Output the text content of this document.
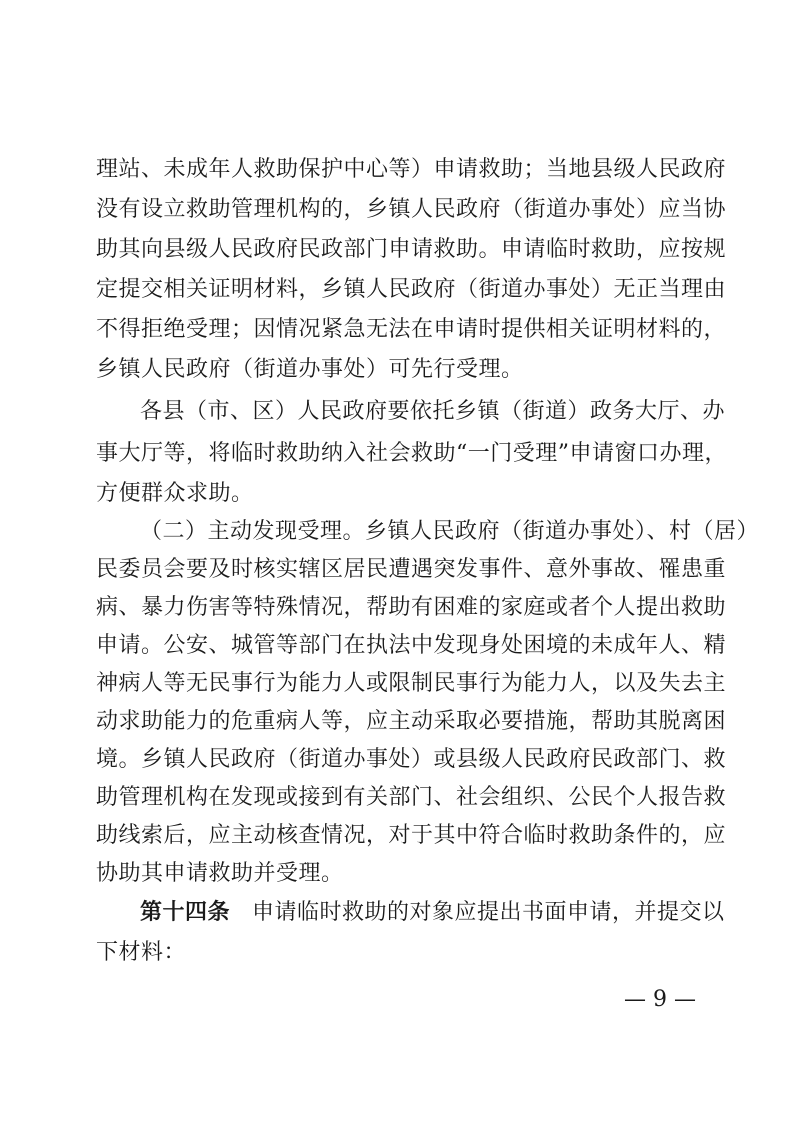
理站、未成年人救助保护中心等）申请救助；当地县级人民政府
没有设立救助管理机构的，乡镇人民政府（街道办事处）应当协
助其向县级人民政府民政部门申请救助。申请临时救助，应按规
定提交相关证明材料，乡镇人民政府（街道办事处）无正当理由
不得拒绝受理；因情况紧急无法在申请时提供相关证明材料的，
乡镇人民政府（街道办事处）可先行受理。
各县（市、区）人民政府要依托乡镇（街道）政务大厅、办
事大厅等，将临时救助纳入社会救助“一门受理”申请窗口办理，
方便群众求助。
（二）主动发现受理。乡镇人民政府（街道办事处）、村（居）
民委员会要及时核实辖区居民遭遇突发事件、意外事故、罹患重
病、暴力伤害等特殊情况，帮助有困难的家庭或者个人提出救助
申请。公安、城管等部门在执法中发现身处困境的未成年人、精
神病人等无民事行为能力人或限制民事行为能力人，以及失去主
动求助能力的危重病人等，应主动采取必要措施，帮助其脱离困
境。乡镇人民政府（街道办事处）或县级人民政府民政部门、救
助管理机构在发现或接到有关部门、社会组织、公民个人报告救
助线索后，应主动核查情况，对于其中符合临时救助条件的，应
协助其申请救助并受理。
第十四条 申请临时救助的对象应提出书面申请，并提交以
下材料：
— 9 —
